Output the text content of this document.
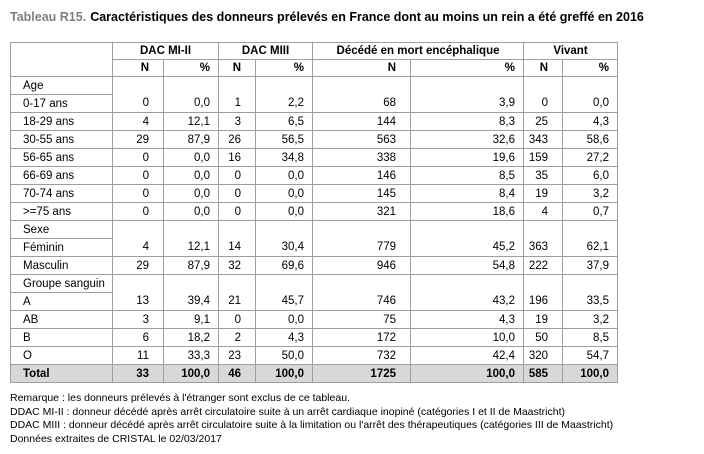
Tableau R15. Caractéristiques des donneurs prélevés en France dont au moins un rein a été greffé en 2016
	DAC MI-II		DAC MIII		Décédé en mort encéphalique		Vivant	
	N	%	N	%	N	%	N	%
Age								
0-17 ans	0	0,0	1	2,2	68	3,9	0	0,0
18-29 ans	4	12,1	3	6,5	144	8,3	25	4,3
30-55 ans	29	87,9	26	56,5	563	32,6	343	58,6
56-65 ans	0	0,0	16	34,8	338	19,6	159	27,2
66-69 ans	0	0,0	0	0,0	146	8,5	35	6,0
70-74 ans	0	0,0	0	0,0	145	8,4	19	3,2
>=75 ans	0	0,0	0	0,0	321	18,6	4	0,7
Sexe								
Féminin	4	12,1	14	30,4	779	45,2	363	62,1
Masculin	29	87,9	32	69,6	946	54,8	222	37,9
Groupe sanguin								
A	13	39,4	21	45,7	746	43,2	196	33,5
AB	3	9,1	0	0,0	75	4,3	19	3,2
B	6	18,2	2	4,3	172	10,0	50	8,5
O	11	33,3	23	50,0	732	42,4	320	54,7
Total	33	100,0	46	100,0	1725	100,0	585	100,0
Remarque : les donneurs prélevés à l'étranger sont exclus de ce tableau.
DDAC MI-II : donneur décédé après arrêt circulatoire suite à un arrêt cardiaque inopiné (catégories I et II de Maastricht)
DDAC MIII : donneur décédé après arrêt circulatoire suite à la limitation ou l'arrêt des thérapeutiques (catégories III de Maastricht)
Données extraites de CRISTAL le 02/03/2017
